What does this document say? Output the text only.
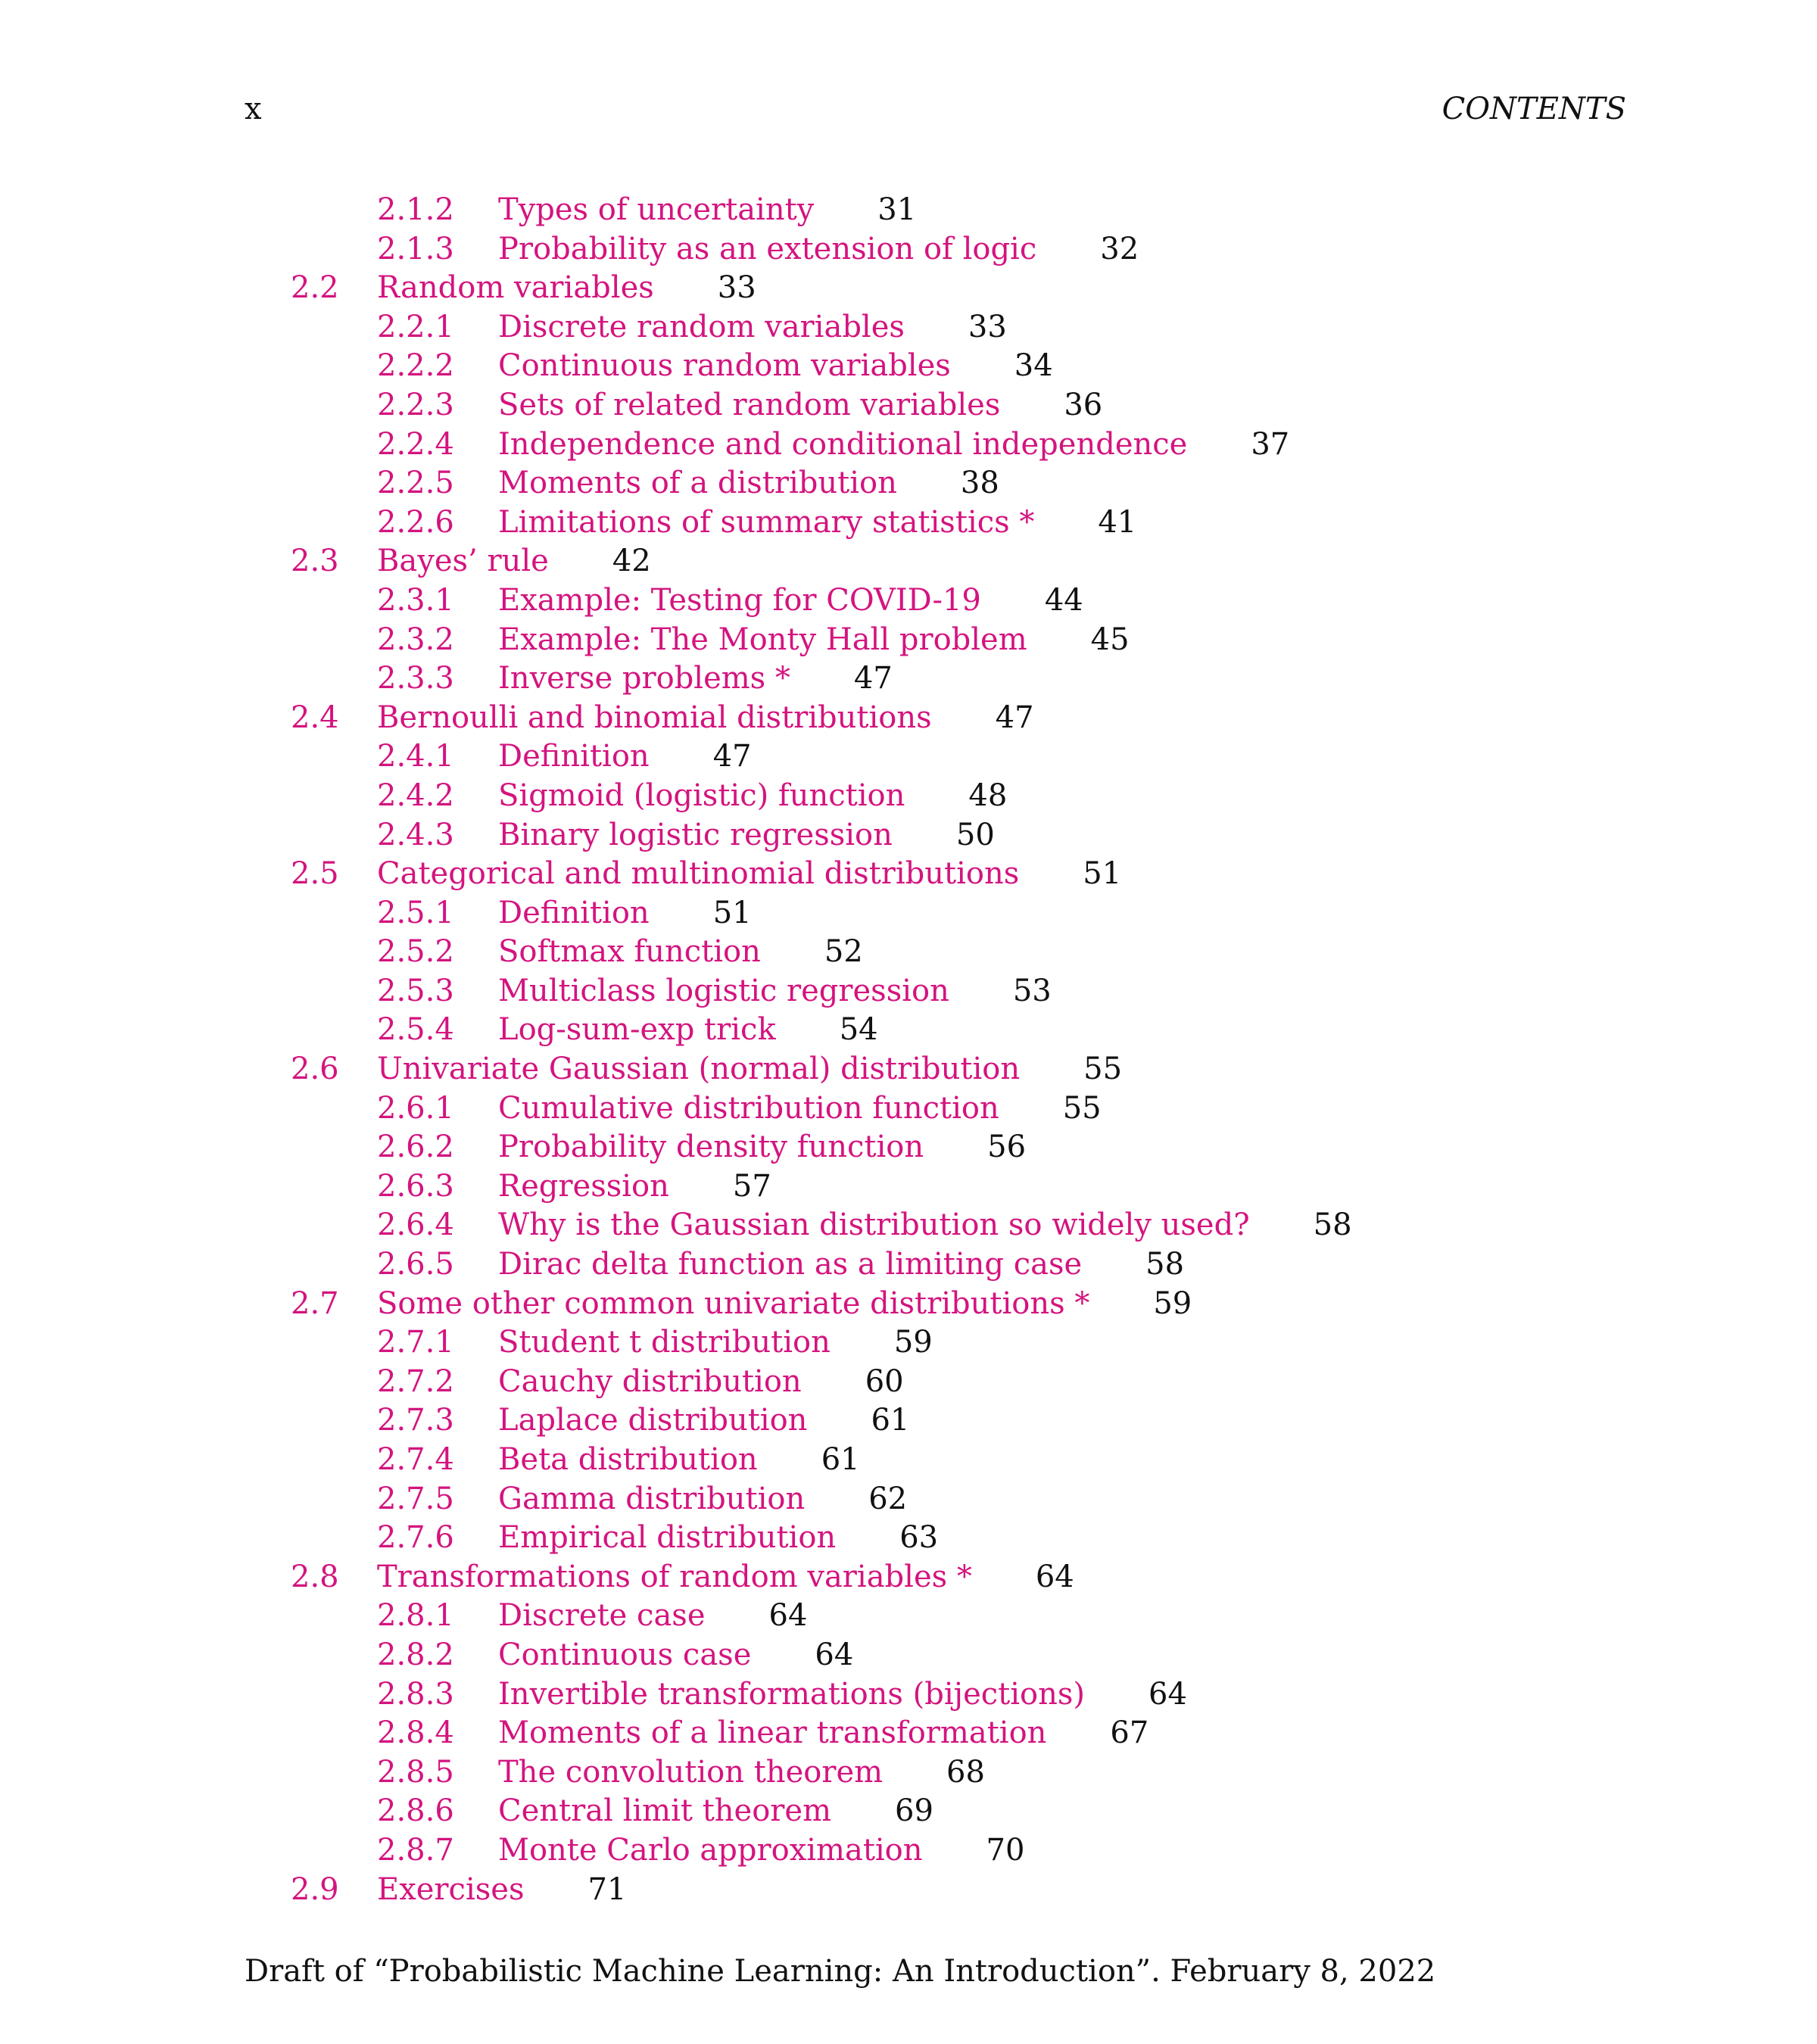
x	CONTENTS
2.1.2 Types of uncertainty 31
2.1.3 Probability as an extension of logic 32
2.2 Random variables 33
2.2.1 Discrete random variables 33
2.2.2 Continuous random variables 34
2.2.3 Sets of related random variables 36
2.2.4 Independence and conditional independence 37
2.2.5 Moments of a distribution 38
2.2.6 Limitations of summary statistics * 41
2.3 Bayes’ rule 42
2.3.1 Example: Testing for COVID-19 44
2.3.2 Example: The Monty Hall problem 45
2.3.3 Inverse problems * 47
2.4 Bernoulli and binomial distributions 47
2.4.1 Definition 47
2.4.2 Sigmoid (logistic) function 48
2.4.3 Binary logistic regression 50
2.5 Categorical and multinomial distributions 51
2.5.1 Definition 51
2.5.2 Softmax function 52
2.5.3 Multiclass logistic regression 53
2.5.4 Log-sum-exp trick 54
2.6 Univariate Gaussian (normal) distribution 55
2.6.1 Cumulative distribution function 55
2.6.2 Probability density function 56
2.6.3 Regression 57
2.6.4 Why is the Gaussian distribution so widely used? 58
2.6.5 Dirac delta function as a limiting case 58
2.7 Some other common univariate distributions * 59
2.7.1 Student t distribution 59
2.7.2 Cauchy distribution 60
2.7.3 Laplace distribution 61
2.7.4 Beta distribution 61
2.7.5 Gamma distribution 62
2.7.6 Empirical distribution 63
2.8 Transformations of random variables * 64
2.8.1 Discrete case 64
2.8.2 Continuous case 64
2.8.3 Invertible transformations (bijections) 64
2.8.4 Moments of a linear transformation 67
2.8.5 The convolution theorem 68
2.8.6 Central limit theorem 69
2.8.7 Monte Carlo approximation 70
2.9 Exercises 71
Draft of “Probabilistic Machine Learning: An Introduction”. February 8, 2022
